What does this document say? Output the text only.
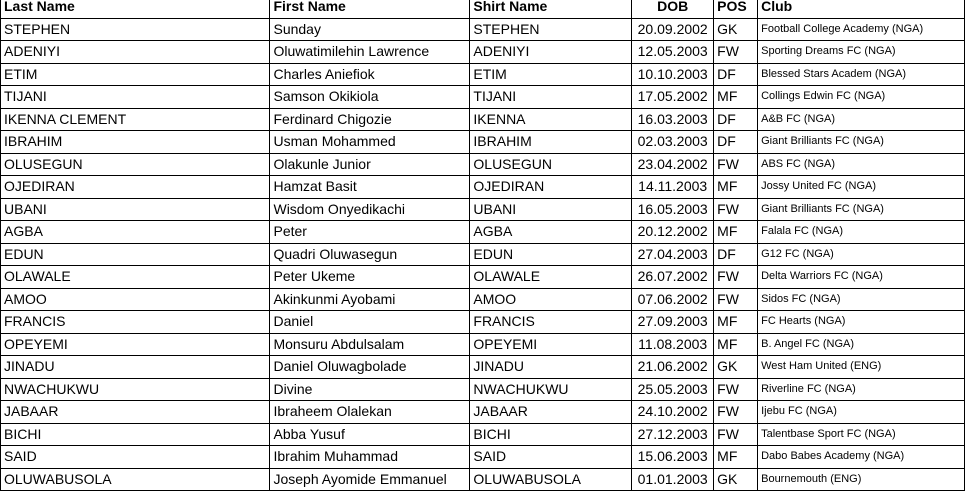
Last Name	First Name	Shirt Name	DOB	POS	Club
STEPHEN	Sunday	STEPHEN	20.09.2002	GK	Football College Academy (NGA)
ADENIYI	Oluwatimilehin Lawrence	ADENIYI	12.05.2003	FW	Sporting Dreams FC (NGA)
ETIM	Charles Aniefiok	ETIM	10.10.2003	DF	Blessed Stars Academ (NGA)
TIJANI	Samson Okikiola	TIJANI	17.05.2002	MF	Collings Edwin FC (NGA)
IKENNA CLEMENT	Ferdinard Chigozie	IKENNA	16.03.2003	DF	A&B FC (NGA)
IBRAHIM	Usman Mohammed	IBRAHIM	02.03.2003	DF	Giant Brilliants FC (NGA)
OLUSEGUN	Olakunle Junior	OLUSEGUN	23.04.2002	FW	ABS FC (NGA)
OJEDIRAN	Hamzat Basit	OJEDIRAN	14.11.2003	MF	Jossy United FC (NGA)
UBANI	Wisdom Onyedikachi	UBANI	16.05.2003	FW	Giant Brilliants FC (NGA)
AGBA	Peter	AGBA	20.12.2002	MF	Falala FC (NGA)
EDUN	Quadri Oluwasegun	EDUN	27.04.2003	DF	G12 FC (NGA)
OLAWALE	Peter Ukeme	OLAWALE	26.07.2002	FW	Delta Warriors FC (NGA)
AMOO	Akinkunmi Ayobami	AMOO	07.06.2002	FW	Sidos FC (NGA)
FRANCIS	Daniel	FRANCIS	27.09.2003	MF	FC Hearts (NGA)
OPEYEMI	Monsuru Abdulsalam	OPEYEMI	11.08.2003	MF	B. Angel FC (NGA)
JINADU	Daniel Oluwagbolade	JINADU	21.06.2002	GK	West Ham United (ENG)
NWACHUKWU	Divine	NWACHUKWU	25.05.2003	FW	Riverline FC (NGA)
JABAAR	Ibraheem Olalekan	JABAAR	24.10.2002	FW	Ijebu FC (NGA)
BICHI	Abba Yusuf	BICHI	27.12.2003	FW	Talentbase Sport FC (NGA)
SAID	Ibrahim Muhammad	SAID	15.06.2003	MF	Dabo Babes Academy (NGA)
OLUWABUSOLA	Joseph Ayomide Emmanuel	OLUWABUSOLA	01.01.2003	GK	Bournemouth (ENG)
